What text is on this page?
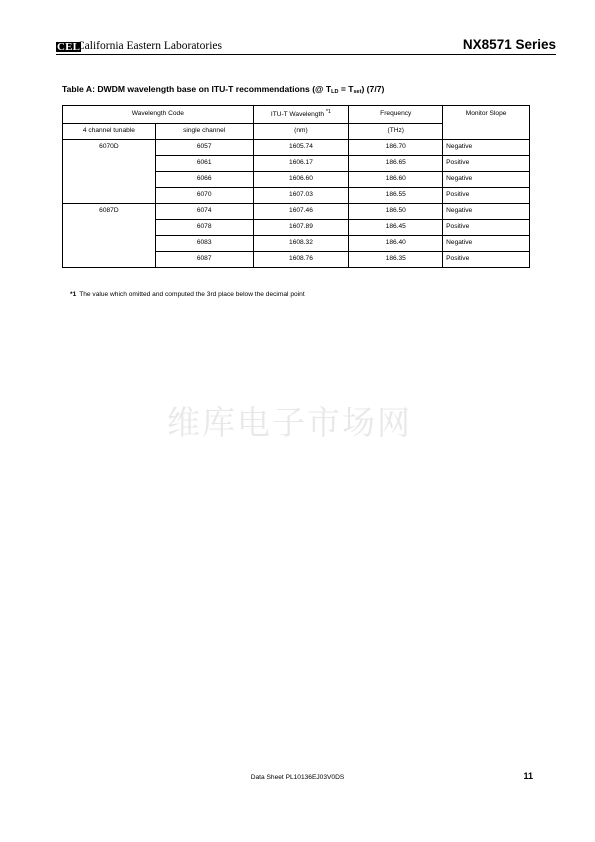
CEL
California Eastern Laboratories	NX8571 Series
Table A: DWDM wavelength base on ITU-T recommendations (@ $T_{LD} = T_{set}$) (7/7)
Wavelength Code		ITU-T Wavelength $^{*1}$	Frequency	Monitor Slope
4 channel tunable	single channel	(nm)	(THz)	
6070D	6057	1605.74	186.70	Negative
	6061	1606.17	186.65	Positive
	6066	1606.60	186.60	Negative
	6070	1607.03	186.55	Positive
6087D	6074	1607.46	186.50	Negative
	6078	1607.89	186.45	Positive
	6083	1608.32	186.40	Negative
	6087	1608.76	186.35	Positive
*1 The value which omitted and computed the 3rd place below the decimal point
维库电子市场网
Data Sheet PL10136EJ03V0DS	11
